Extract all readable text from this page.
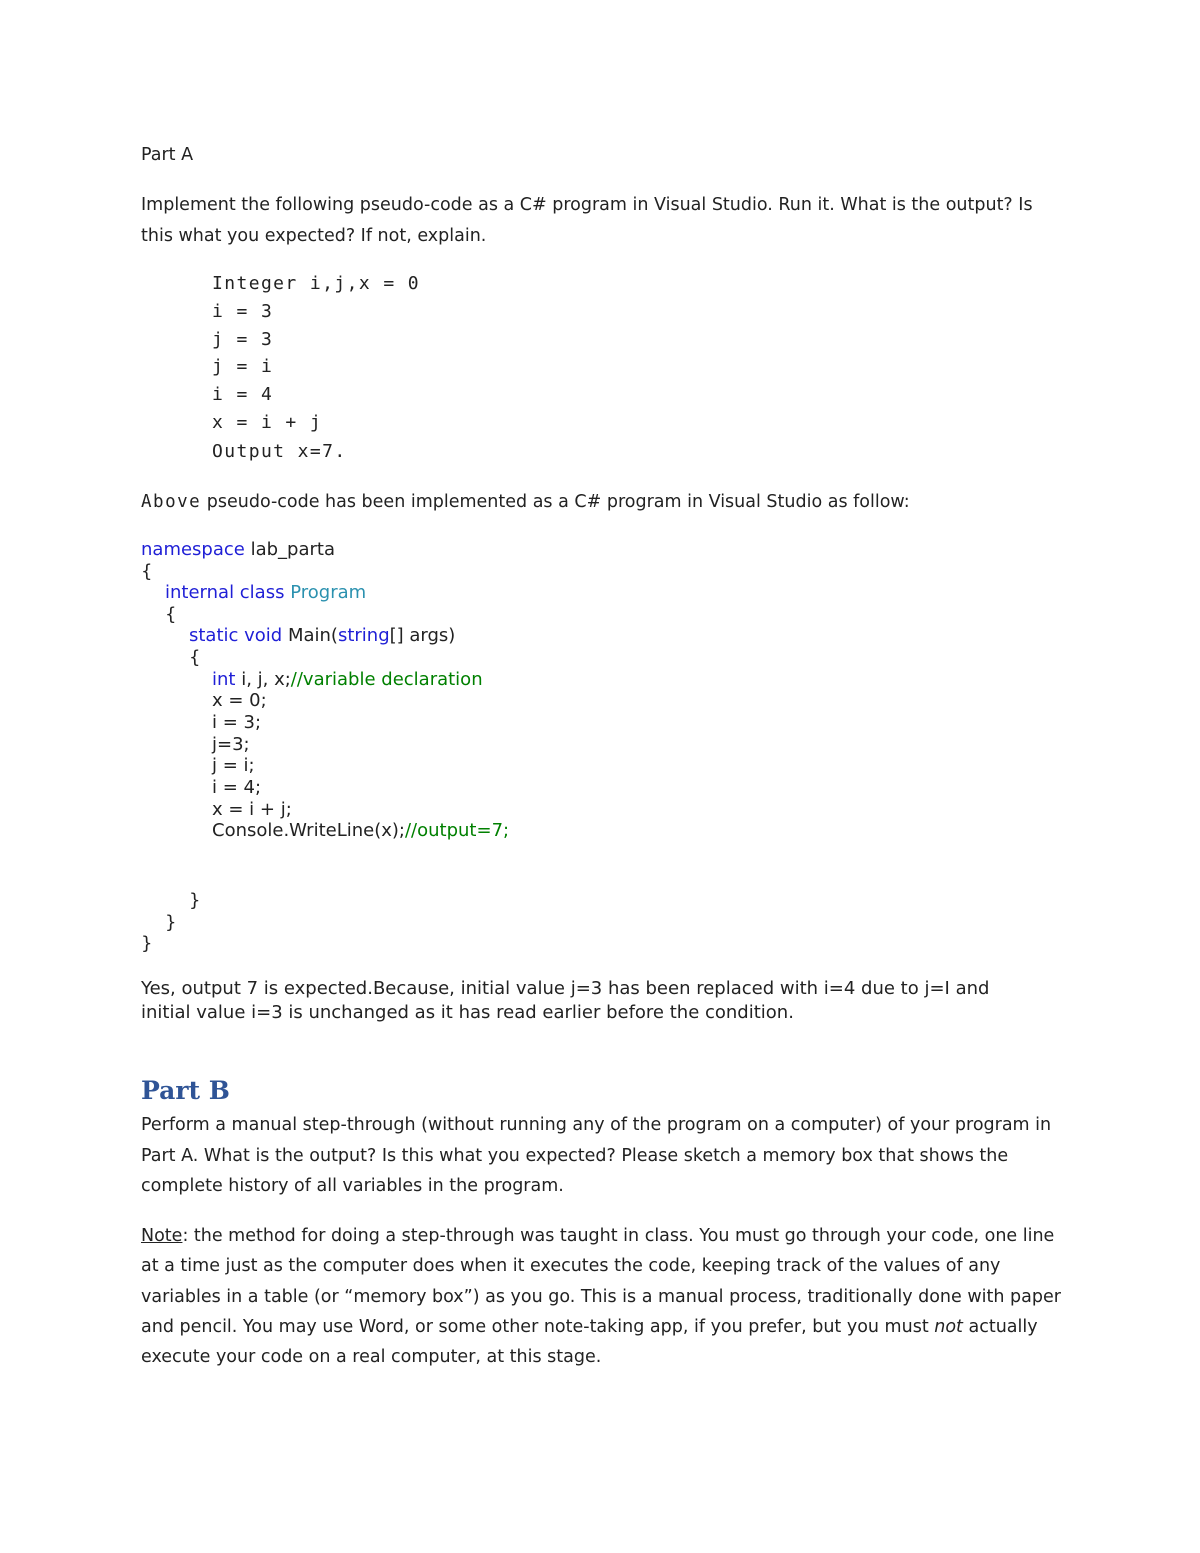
Part A
Implement the following pseudo-code as a C# program in Visual Studio. Run it. What is the output? Is
this what you expected? If not, explain.
Integer i,j,x = 0
i = 3
j = 3
j = i
i = 4
x = i + j
Output x=7.
Above pseudo-code has been implemented as a C# program in Visual Studio as follow:
namespace lab_parta
{
internal class Program
{
static void Main(string[] args)
{
int i, j, x;//variable declaration
x = 0;
i = 3;
j=3;
j = i;
i = 4;
x = i + j;
Console.WriteLine(x);//output=7;
}
}
}
Yes, output 7 is expected.Because, initial value j=3 has been replaced with i=4 due to j=I and
initial value i=3 is unchanged as it has read earlier before the condition.
Part B
Perform a manual step-through (without running any of the program on a computer) of your program in
Part A. What is the output? Is this what you expected? Please sketch a memory box that shows the
complete history of all variables in the program.
Note: the method for doing a step-through was taught in class. You must go through your code, one line
at a time just as the computer does when it executes the code, keeping track of the values of any
variables in a table (or “memory box”) as you go. This is a manual process, traditionally done with paper
and pencil. You may use Word, or some other note-taking app, if you prefer, but you must not actually
execute your code on a real computer, at this stage.
